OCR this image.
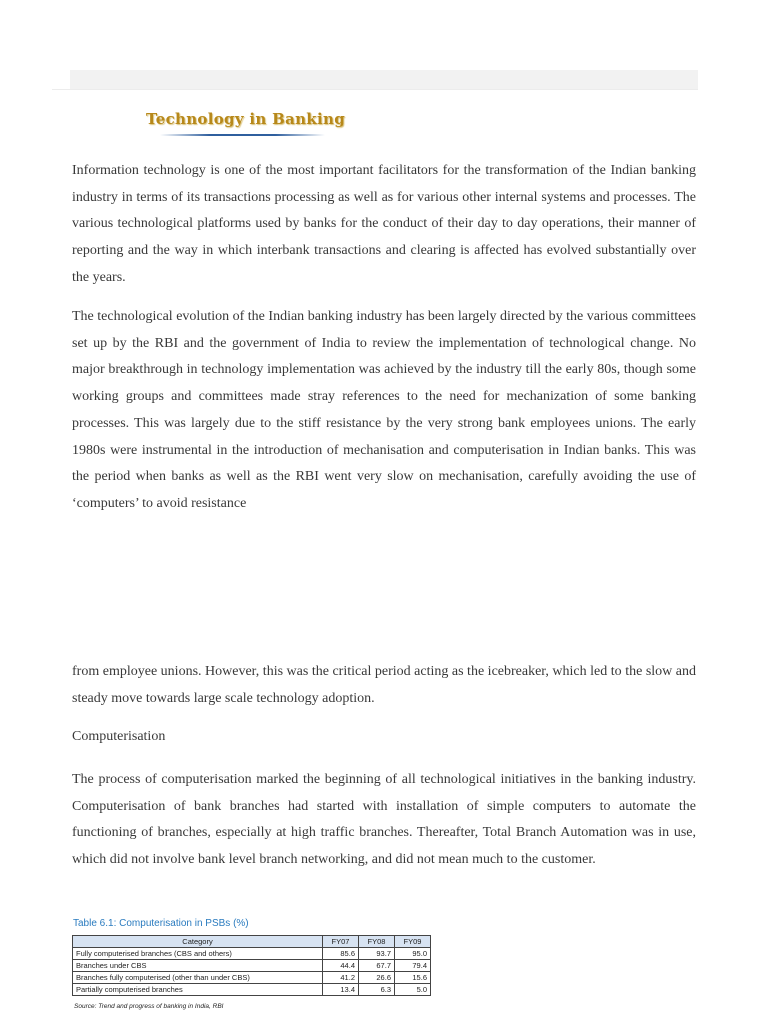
Technology in Banking

Information technology is one of the most important facilitators for the transformation of the Indian banking industry in terms of its transactions processing as well as for various other internal systems and processes. The various technological platforms used by banks for the conduct of their day to day operations, their manner of reporting and the way in which interbank transactions and clearing is affected has evolved substantially over the years.

The technological evolution of the Indian banking industry has been largely directed by the various committees set up by the RBI and the government of India to review the implementation of technological change. No major breakthrough in technology implementation was achieved by the industry till the early 80s, though some working groups and committees made stray references to the need for mechanization of some banking processes. This was largely due to the stiff resistance by the very strong bank employees unions. The early 1980s were instrumental in the introduction of mechanisation and computerisation in Indian banks. This was the period when banks as well as the RBI went very slow on mechanisation, carefully avoiding the use of ‘computers’ to avoid resistance

from employee unions. However, this was the critical period acting as the icebreaker, which led to the slow and steady move towards large scale technology adoption.

Computerisation

The process of computerisation marked the beginning of all technological initiatives in the banking industry. Computerisation of bank branches had started with installation of simple computers to automate the functioning of branches, especially at high traffic branches. Thereafter, Total Branch Automation was in use, which did not involve bank level branch networking, and did not mean much to the customer.

Table 6.1: Computerisation in PSBs (%)
Category	FY07	FY08	FY09
Fully computerised branches (CBS and others)	85.6	93.7	95.0
Branches under CBS	44.4	67.7	79.4
Branches fully computerised (other than under CBS)	41.2	26.6	15.6
Partially computerised branches	13.4	6.3	5.0
Source: Trend and progress of banking in India, RBI
